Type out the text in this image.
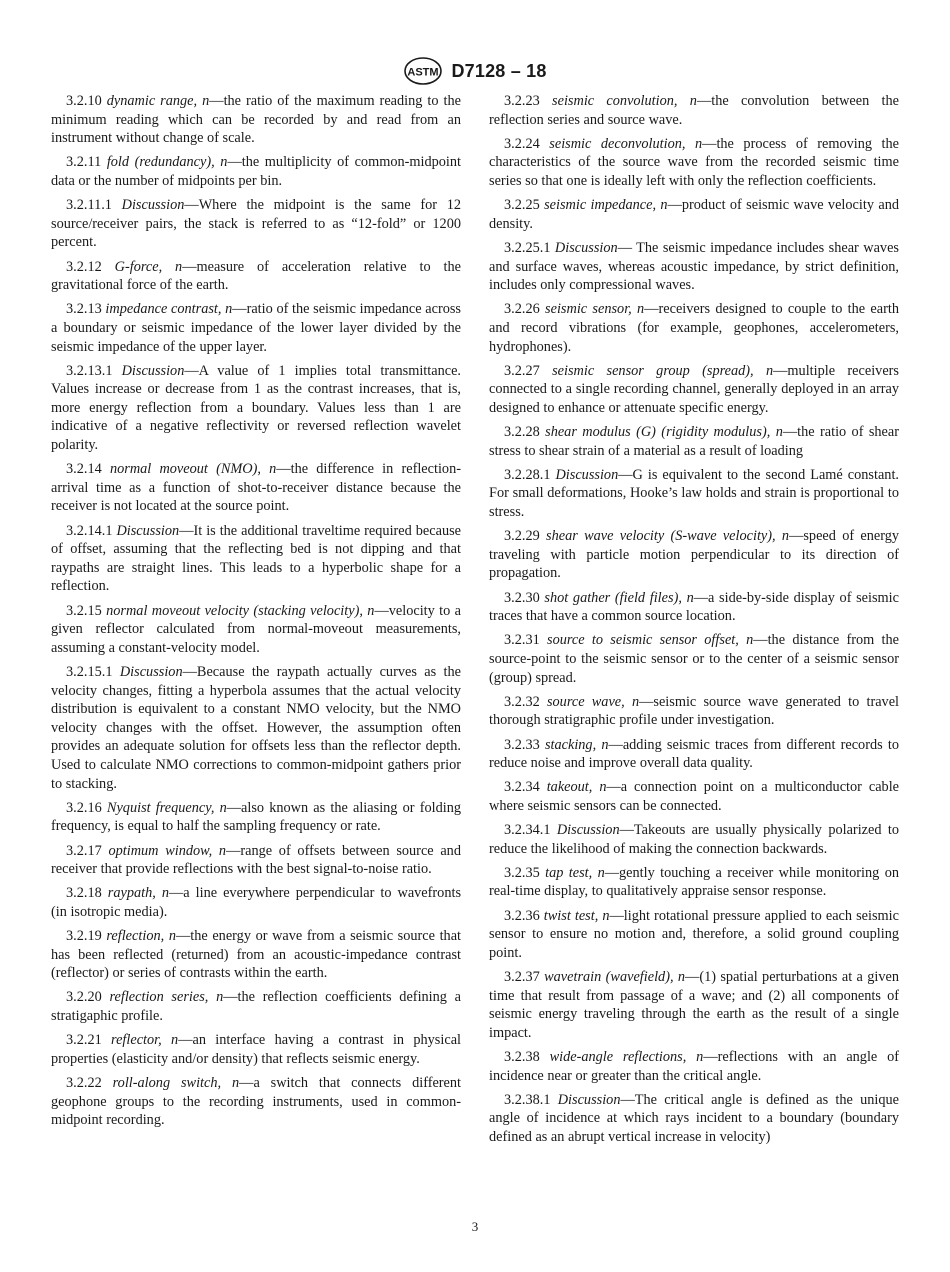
ASTM D7128 – 18

3.2.10 dynamic range, n—the ratio of the maximum reading to the minimum reading which can be recorded by and read from an instrument without change of scale.

3.2.11 fold (redundancy), n—the multiplicity of common-midpoint data or the number of midpoints per bin.

3.2.11.1 Discussion—Where the midpoint is the same for 12 source/receiver pairs, the stack is referred to as “12-fold” or 1200 percent.

3.2.12 G-force, n—measure of acceleration relative to the gravitational force of the earth.

3.2.13 impedance contrast, n—ratio of the seismic impedance across a boundary or seismic impedance of the lower layer divided by the seismic impedance of the upper layer.

3.2.13.1 Discussion—A value of 1 implies total transmittance. Values increase or decrease from 1 as the contrast increases, that is, more energy reflection from a boundary. Values less than 1 are indicative of a negative reflectivity or reversed reflection wavelet polarity.

3.2.14 normal moveout (NMO), n—the difference in reflection-arrival time as a function of shot-to-receiver distance because the receiver is not located at the source point.

3.2.14.1 Discussion—It is the additional traveltime required because of offset, assuming that the reflecting bed is not dipping and that raypaths are straight lines. This leads to a hyperbolic shape for a reflection.

3.2.15 normal moveout velocity (stacking velocity), n—velocity to a given reflector calculated from normal-moveout measurements, assuming a constant-velocity model.

3.2.15.1 Discussion—Because the raypath actually curves as the velocity changes, fitting a hyperbola assumes that the actual velocity distribution is equivalent to a constant NMO velocity, but the NMO velocity changes with the offset. However, the assumption often provides an adequate solution for offsets less than the reflector depth. Used to calculate NMO corrections to common-midpoint gathers prior to stacking.

3.2.16 Nyquist frequency, n—also known as the aliasing or folding frequency, is equal to half the sampling frequency or rate.

3.2.17 optimum window, n—range of offsets between source and receiver that provide reflections with the best signal-to-noise ratio.

3.2.18 raypath, n—a line everywhere perpendicular to wavefronts (in isotropic media).

3.2.19 reflection, n—the energy or wave from a seismic source that has been reflected (returned) from an acoustic-impedance contrast (reflector) or series of contrasts within the earth.

3.2.20 reflection series, n—the reflection coefficients defining a stratigaphic profile.

3.2.21 reflector, n—an interface having a contrast in physical properties (elasticity and/or density) that reflects seismic energy.

3.2.22 roll-along switch, n—a switch that connects different geophone groups to the recording instruments, used in common-midpoint recording.

3.2.23 seismic convolution, n—the convolution between the reflection series and source wave.

3.2.24 seismic deconvolution, n—the process of removing the characteristics of the source wave from the recorded seismic time series so that one is ideally left with only the reflection coefficients.

3.2.25 seismic impedance, n—product of seismic wave velocity and density.

3.2.25.1 Discussion— The seismic impedance includes shear waves and surface waves, whereas acoustic impedance, by strict definition, includes only compressional waves.

3.2.26 seismic sensor, n—receivers designed to couple to the earth and record vibrations (for example, geophones, accelerometers, hydrophones).

3.2.27 seismic sensor group (spread), n—multiple receivers connected to a single recording channel, generally deployed in an array designed to enhance or attenuate specific energy.

3.2.28 shear modulus (G) (rigidity modulus), n—the ratio of shear stress to shear strain of a material as a result of loading

3.2.28.1 Discussion—G is equivalent to the second Lamé constant. For small deformations, Hooke’s law holds and strain is proportional to stress.

3.2.29 shear wave velocity (S-wave velocity), n—speed of energy traveling with particle motion perpendicular to its direction of propagation.

3.2.30 shot gather (field files), n—a side-by-side display of seismic traces that have a common source location.

3.2.31 source to seismic sensor offset, n—the distance from the source-point to the seismic sensor or to the center of a seismic sensor (group) spread.

3.2.32 source wave, n—seismic source wave generated to travel thorough stratigraphic profile under investigation.

3.2.33 stacking, n—adding seismic traces from different records to reduce noise and improve overall data quality.

3.2.34 takeout, n—a connection point on a multiconductor cable where seismic sensors can be connected.

3.2.34.1 Discussion—Takeouts are usually physically polarized to reduce the likelihood of making the connection backwards.

3.2.35 tap test, n—gently touching a receiver while monitoring on real-time display, to qualitatively appraise sensor response.

3.2.36 twist test, n—light rotational pressure applied to each seismic sensor to ensure no motion and, therefore, a solid ground coupling point.

3.2.37 wavetrain (wavefield), n—(1) spatial perturbations at a given time that result from passage of a wave; and (2) all components of seismic energy traveling through the earth as the result of a single impact.

3.2.38 wide-angle reflections, n—reflections with an angle of incidence near or greater than the critical angle.

3.2.38.1 Discussion—The critical angle is defined as the unique angle of incidence at which rays incident to a boundary (boundary defined as an abrupt vertical increase in velocity)

3
